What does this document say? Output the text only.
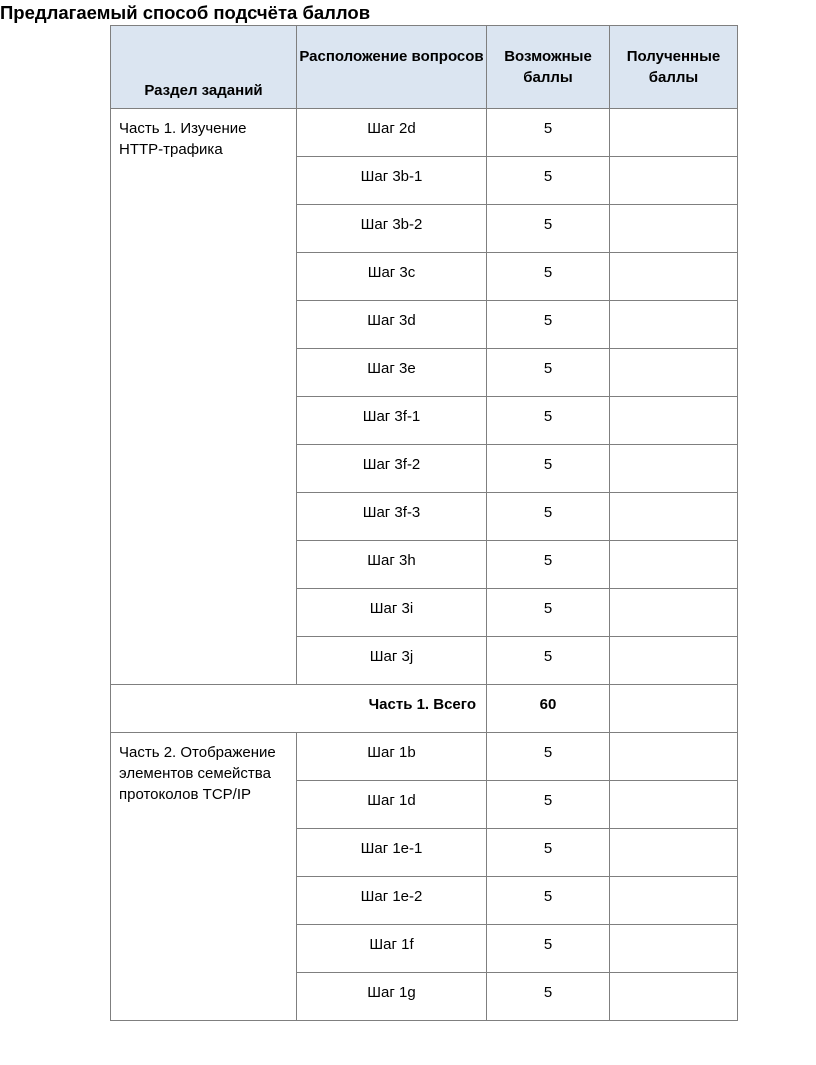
Предлагаемый способ подсчёта баллов
Раздел заданий	Расположение вопросов	Возможные баллы	Полученные баллы
Часть 1. Изучение HTTP-трафика	Шаг 2d	5	
	Шаг 3b-1	5	
	Шаг 3b-2	5	
	Шаг 3c	5	
	Шаг 3d	5	
	Шаг 3e	5	
	Шаг 3f-1	5	
	Шаг 3f-2	5	
	Шаг 3f-3	5	
	Шаг 3h	5	
	Шаг 3i	5	
	Шаг 3j	5	
Часть 1. Всего		60	
Часть 2. Отображение элементов семейства протоколов TCP/IP	Шаг 1b	5	
	Шаг 1d	5	
	Шаг 1e-1	5	
	Шаг 1e-2	5	
	Шаг 1f	5	
	Шаг 1g	5	
